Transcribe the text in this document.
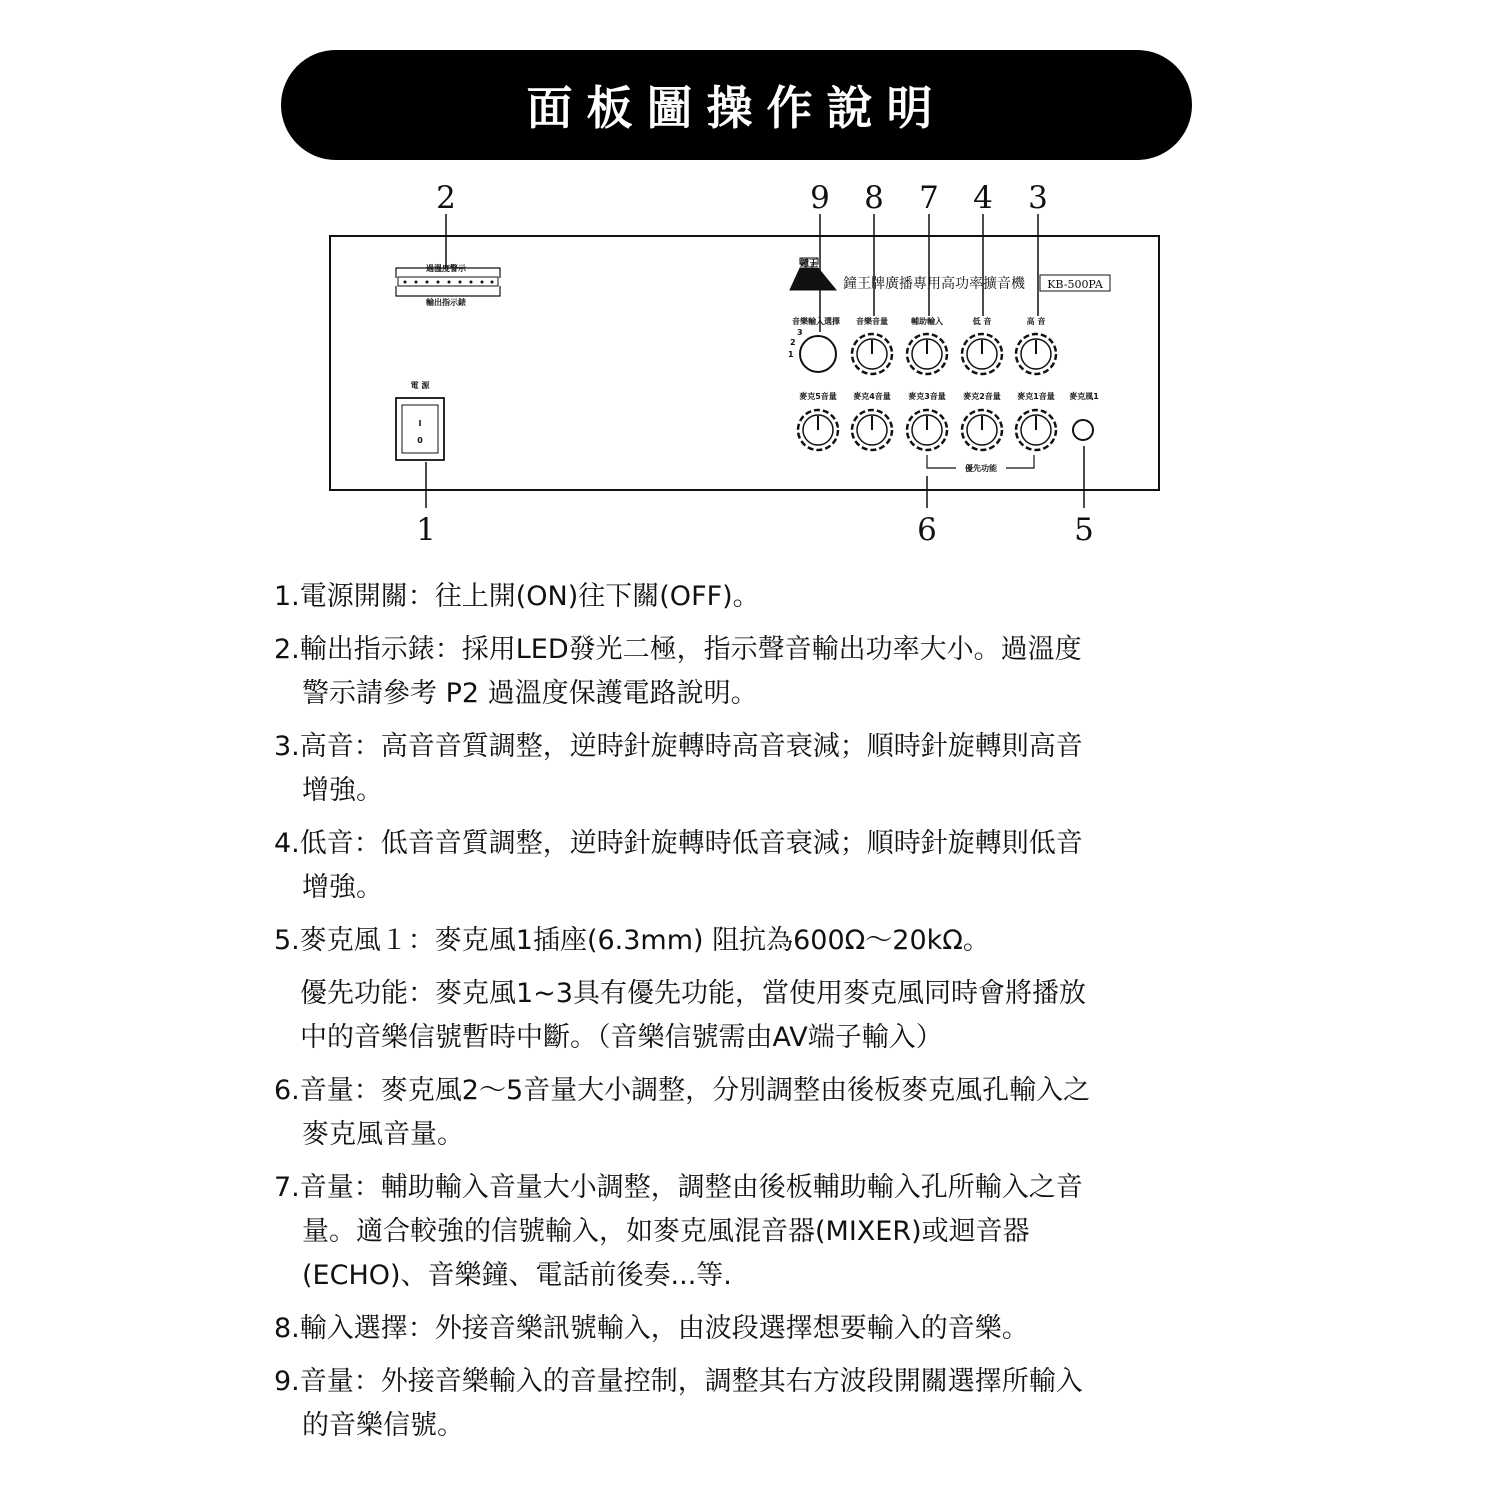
面板圖操作說明
2	9 8 7 4 3
1	6	5
過溫度警示
輸出指示錶
電 源
I
0
鐘王
鐘王牌廣播專用高功率擴音機 KB-500PA
音樂輸入選擇 音樂音量	輔助輸入	低 音	高 音
3
2
1
麥克5音量 麥克4音量 麥克3音量 麥克2音量 麥克1音量 麥克風1
優先功能
1.電源開關：往上開(ON)往下關(OFF)。
2.輸出指示錶：採用LED發光二極，指示聲音輸出功率大小。過溫度
警示請參考 P2 過溫度保護電路說明。
3.高音：高音音質調整，逆時針旋轉時高音衰減；順時針旋轉則高音
增強。
4.低音：低音音質調整，逆時針旋轉時低音衰減；順時針旋轉則低音
增強。
5.麥克風１：麥克風1插座(6.3mm) 阻抗為600Ω～20kΩ。
優先功能：麥克風1~3具有優先功能，當使用麥克風同時會將播放
中的音樂信號暫時中斷。（音樂信號需由AV端子輸入）
6.音量：麥克風2～5音量大小調整，分別調整由後板麥克風孔輸入之
麥克風音量。
7.音量：輔助輸入音量大小調整，調整由後板輔助輸入孔所輸入之音
量。適合較強的信號輸入，如麥克風混音器(MIXER)或迴音器
(ECHO)、音樂鐘、電話前後奏...等.
8.輸入選擇：外接音樂訊號輸入，由波段選擇想要輸入的音樂。
9.音量：外接音樂輸入的音量控制，調整其右方波段開關選擇所輸入
的音樂信號。
